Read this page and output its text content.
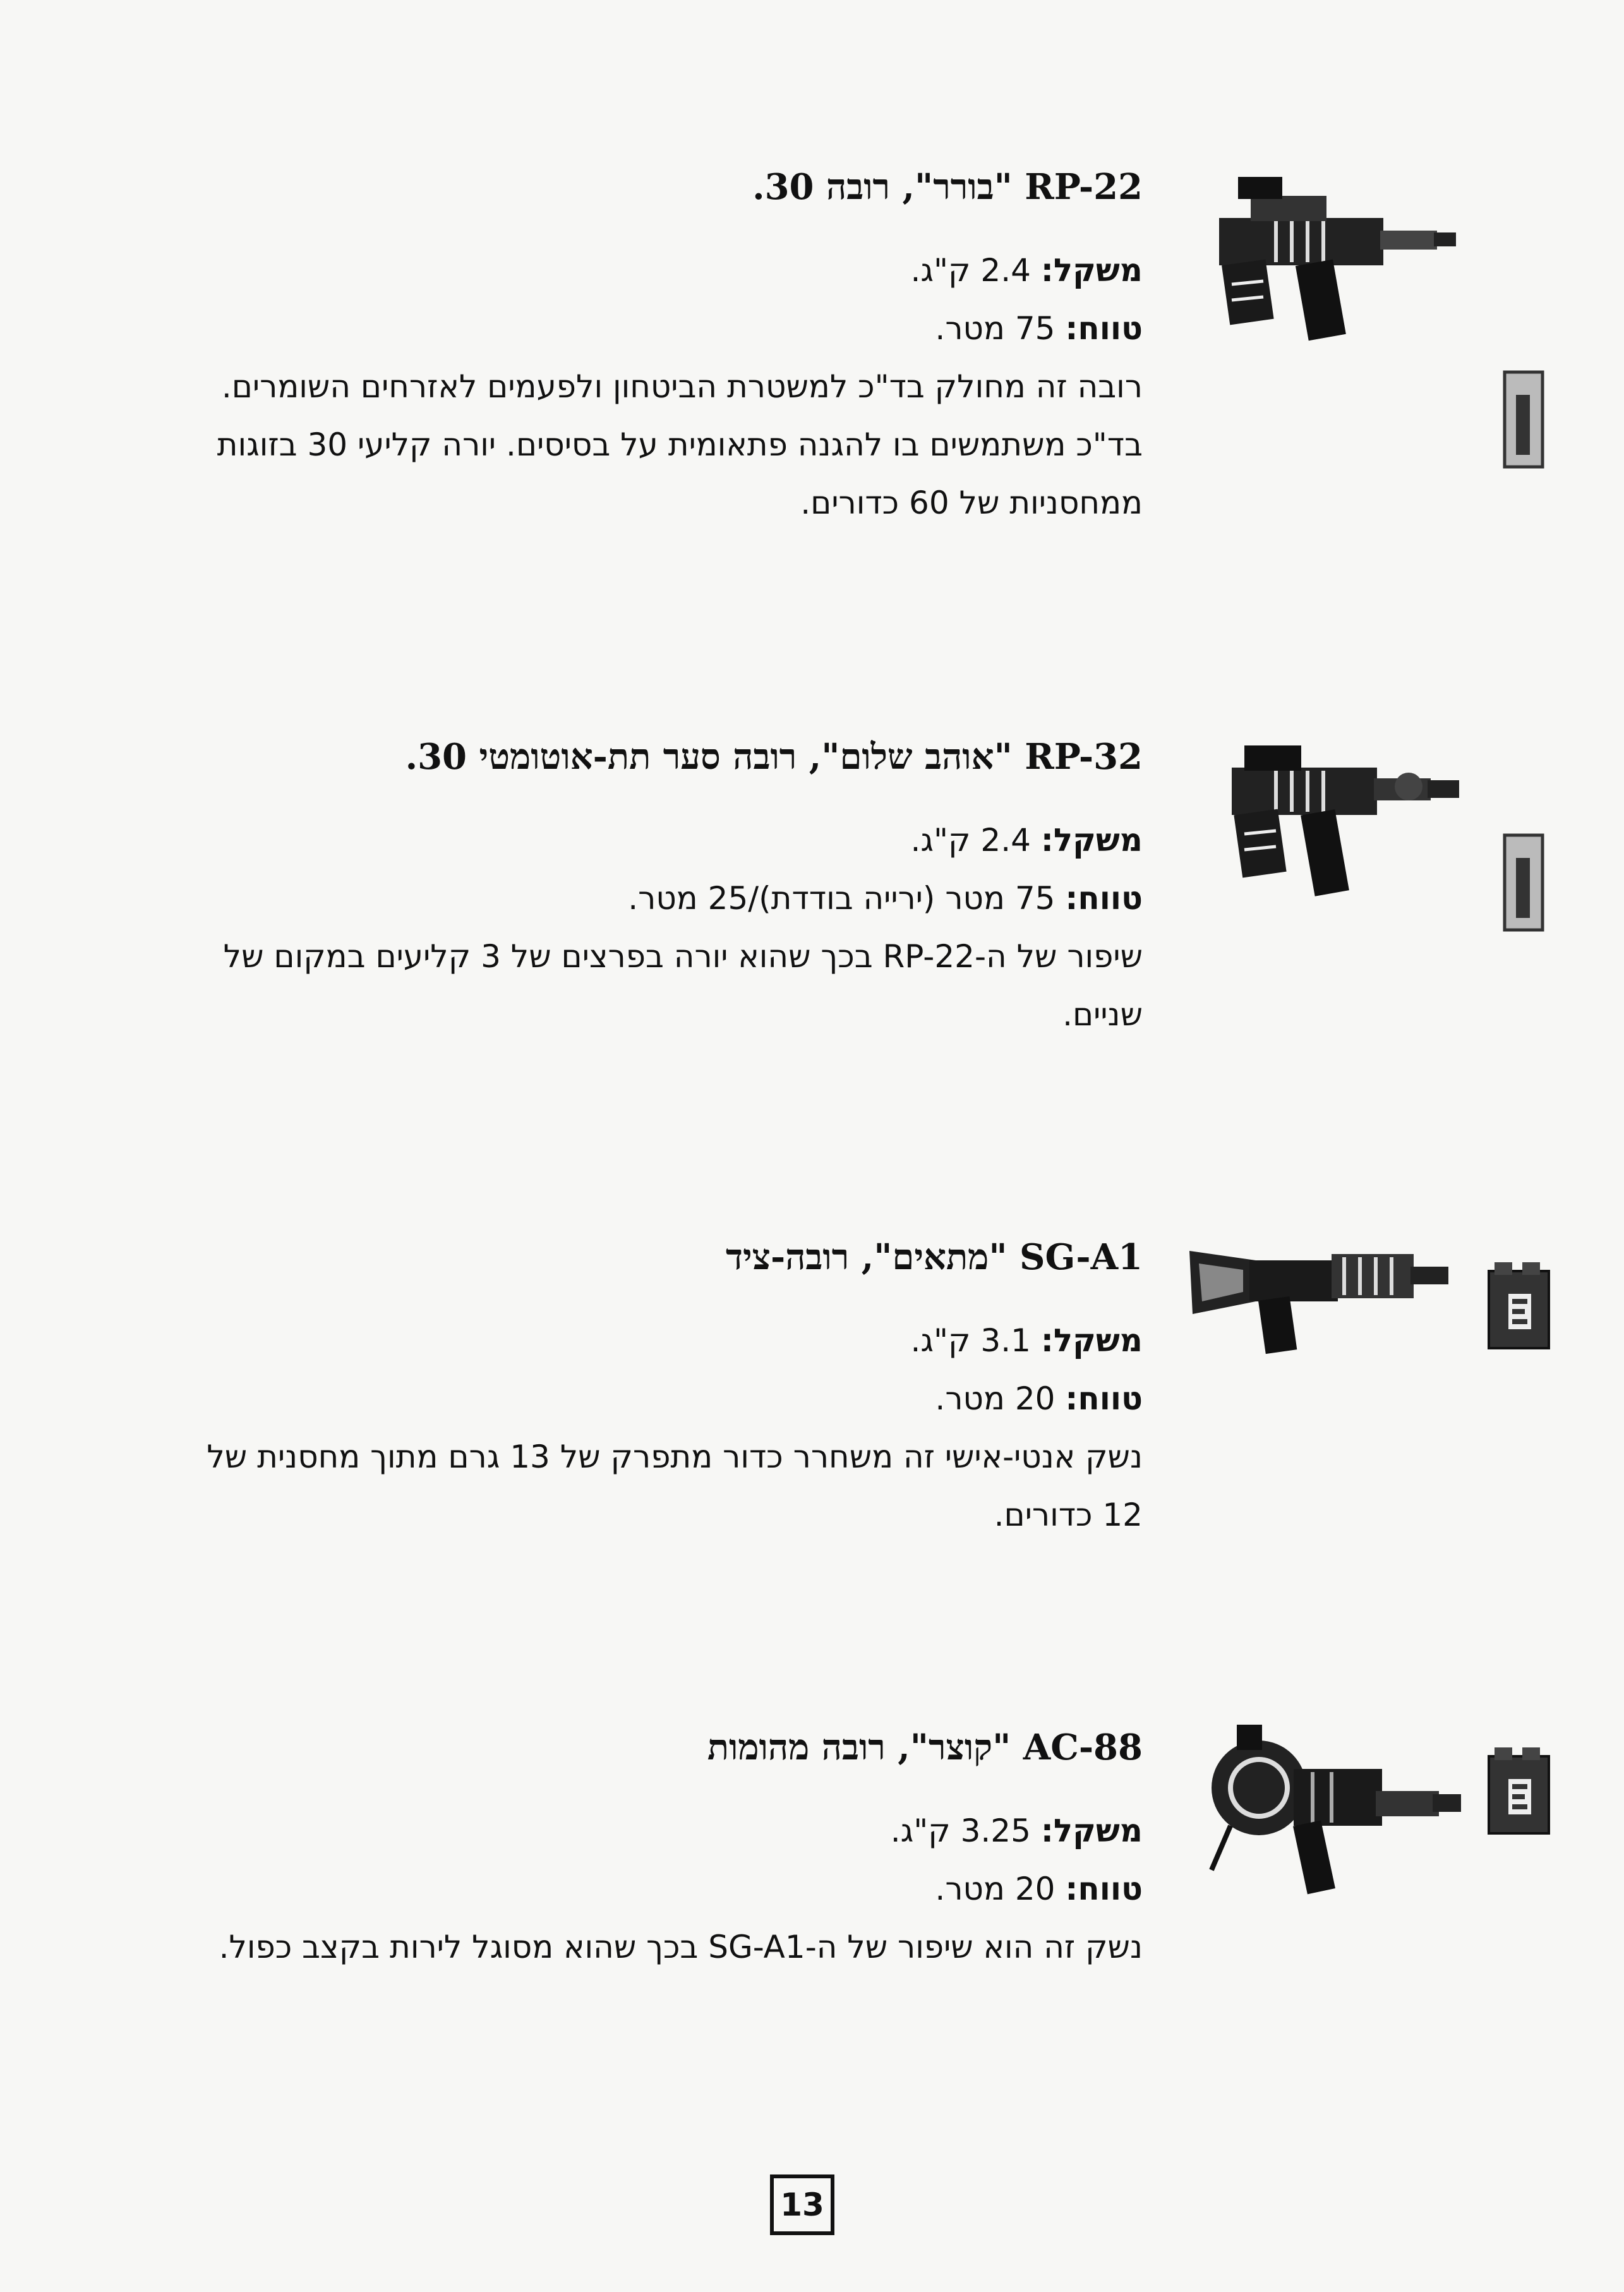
RP-22 "בורר", רובה 30.

משקל: 2.4 ק"ג.

טווח: 75 מטר.

רובה זה מחולק בד"כ למשטרת הביטחון ולפעמים לאזרחים השומרים. בד"כ משתמשים בו להגנה פתאומית על בסיסים. יורה קליעי 30 בזוגות ממחסניות של 60 כדורים.

RP-32 "אוהב שלום", רובה סער תת-אוטומטי 30.

משקל: 2.4 ק"ג.

טווח: 75 מטר (ירייה בודדת)/25 מטר.

שיפור של ה-RP-22 בכך שהוא יורה בפרצים של 3 קליעים במקום של שניים.

SG-A1 "מתאים", רובה-ציד

משקל: 3.1 ק"ג.

טווח: 20 מטר.

נשק אנטי-אישי זה משחרר כדור מתפרק של 13 גרם מתוך מחסנית של 12 כדורים.

AC-88 "קוצר", רובה מהומות

משקל: 3.25 ק"ג.

טווח: 20 מטר.

נשק זה הוא שיפור של ה-SG-A1 בכך שהוא מסוגל לירות בקצב כפול.

13
